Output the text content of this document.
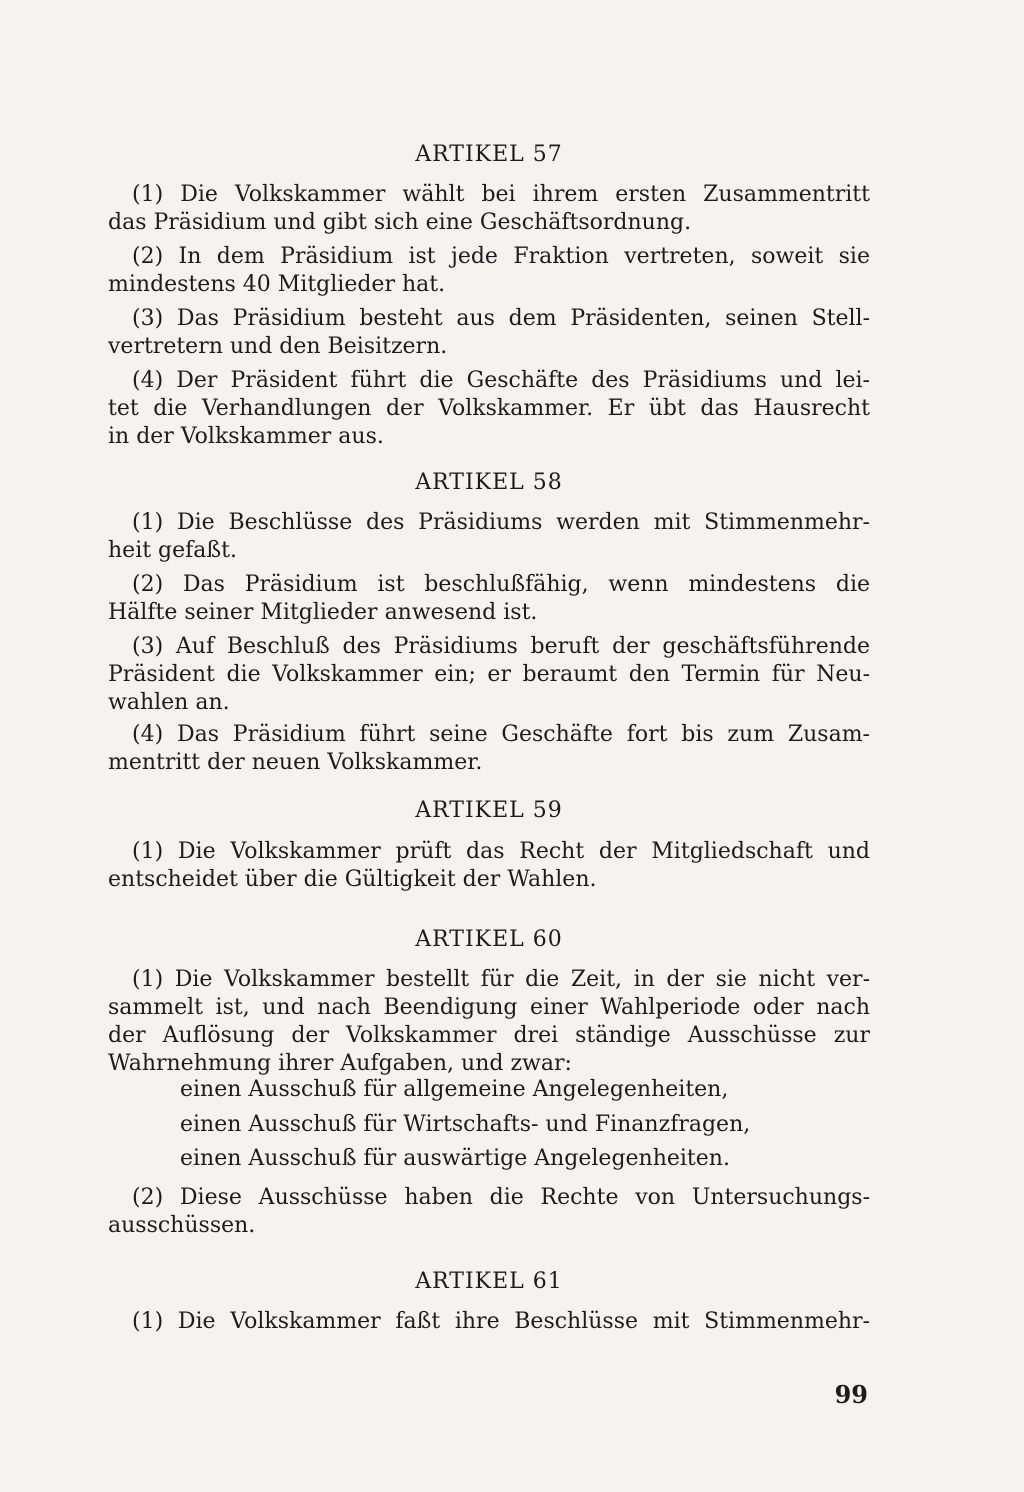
ARTIKEL 57

(1) Die Volkskammer wählt bei ihrem ersten Zusammentritt
das Präsidium und gibt sich eine Geschäftsordnung.

(2) In dem Präsidium ist jede Fraktion vertreten, soweit sie
mindestens 40 Mitglieder hat.

(3) Das Präsidium besteht aus dem Präsidenten, seinen Stell-
vertretern und den Beisitzern.

(4) Der Präsident führt die Geschäfte des Präsidiums und lei-
tet die Verhandlungen der Volkskammer. Er übt das Hausrecht
in der Volkskammer aus.

ARTIKEL 58

(1) Die Beschlüsse des Präsidiums werden mit Stimmenmehr-
heit gefaßt.

(2) Das Präsidium ist beschlußfähig, wenn mindestens die
Hälfte seiner Mitglieder anwesend ist.

(3) Auf Beschluß des Präsidiums beruft der geschäftsführende
Präsident die Volkskammer ein; er beraumt den Termin für Neu-
wahlen an.

(4) Das Präsidium führt seine Geschäfte fort bis zum Zusam-
mentritt der neuen Volkskammer.

ARTIKEL 59

(1) Die Volkskammer prüft das Recht der Mitgliedschaft und
entscheidet über die Gültigkeit der Wahlen.

ARTIKEL 60

(1) Die Volkskammer bestellt für die Zeit, in der sie nicht ver-
sammelt ist, und nach Beendigung einer Wahlperiode oder nach
der Auflösung der Volkskammer drei ständige Ausschüsse zur
Wahrnehmung ihrer Aufgaben, und zwar:

einen Ausschuß für allgemeine Angelegenheiten,
einen Ausschuß für Wirtschafts- und Finanzfragen,
einen Ausschuß für auswärtige Angelegenheiten.

(2) Diese Ausschüsse haben die Rechte von Untersuchungs-
ausschüssen.

ARTIKEL 61

(1) Die Volkskammer faßt ihre Beschlüsse mit Stimmenmehr-

99
